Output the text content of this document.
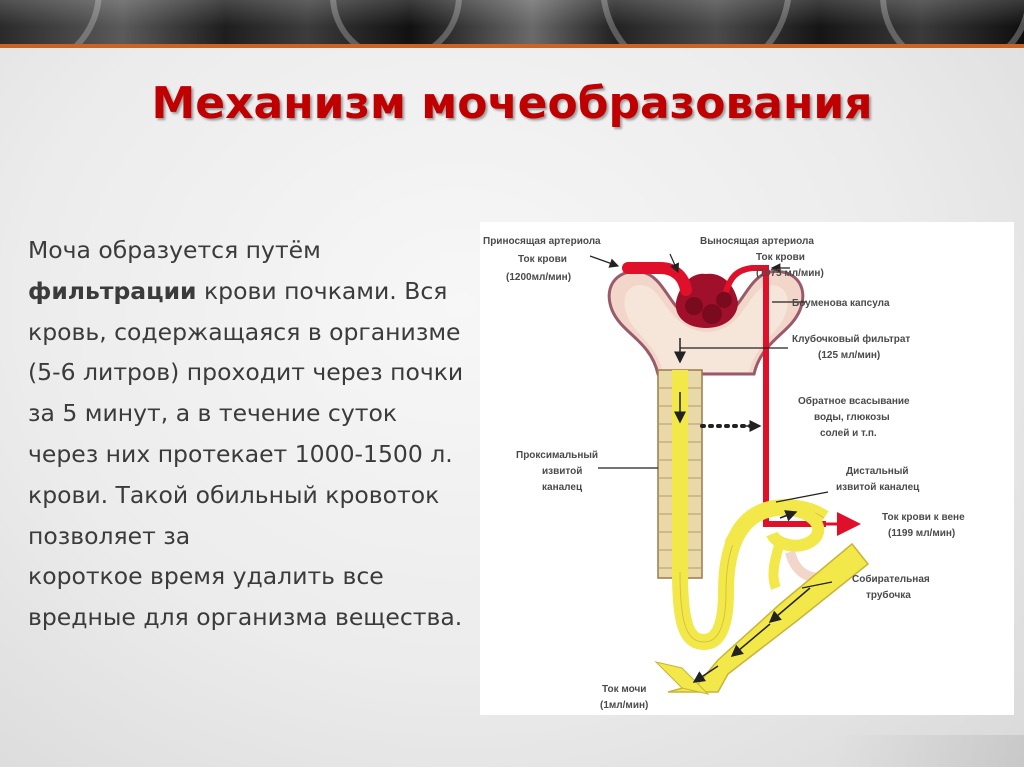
Механизм мочеобразования
Моча образуется путём
фильтрации крови почками. Вся кровь, содержащаяся в организме (5-6 литров) проходит через почки за 5 минут, а в течение суток через них протекает 1000-1500 л. крови. Такой обильный кровоток позволяет за
короткое время удалить все вредные для организма вещества.
Приносящая артериола
Ток крови
(1200мл/мин)
Выносящая артериола
Ток крови
(1075 мл/мин)
Боуменова капсула
Клубочковый фильтрат
(125 мл/мин)
Обратное всасывание
воды, глюкозы
солей и т.п.
Проксимальный
извитой
каналец
Дистальный
извитой каналец
Ток крови к вене
(1199 мл/мин)
Собирательная
трубочка
Ток мочи
(1мл/мин)
